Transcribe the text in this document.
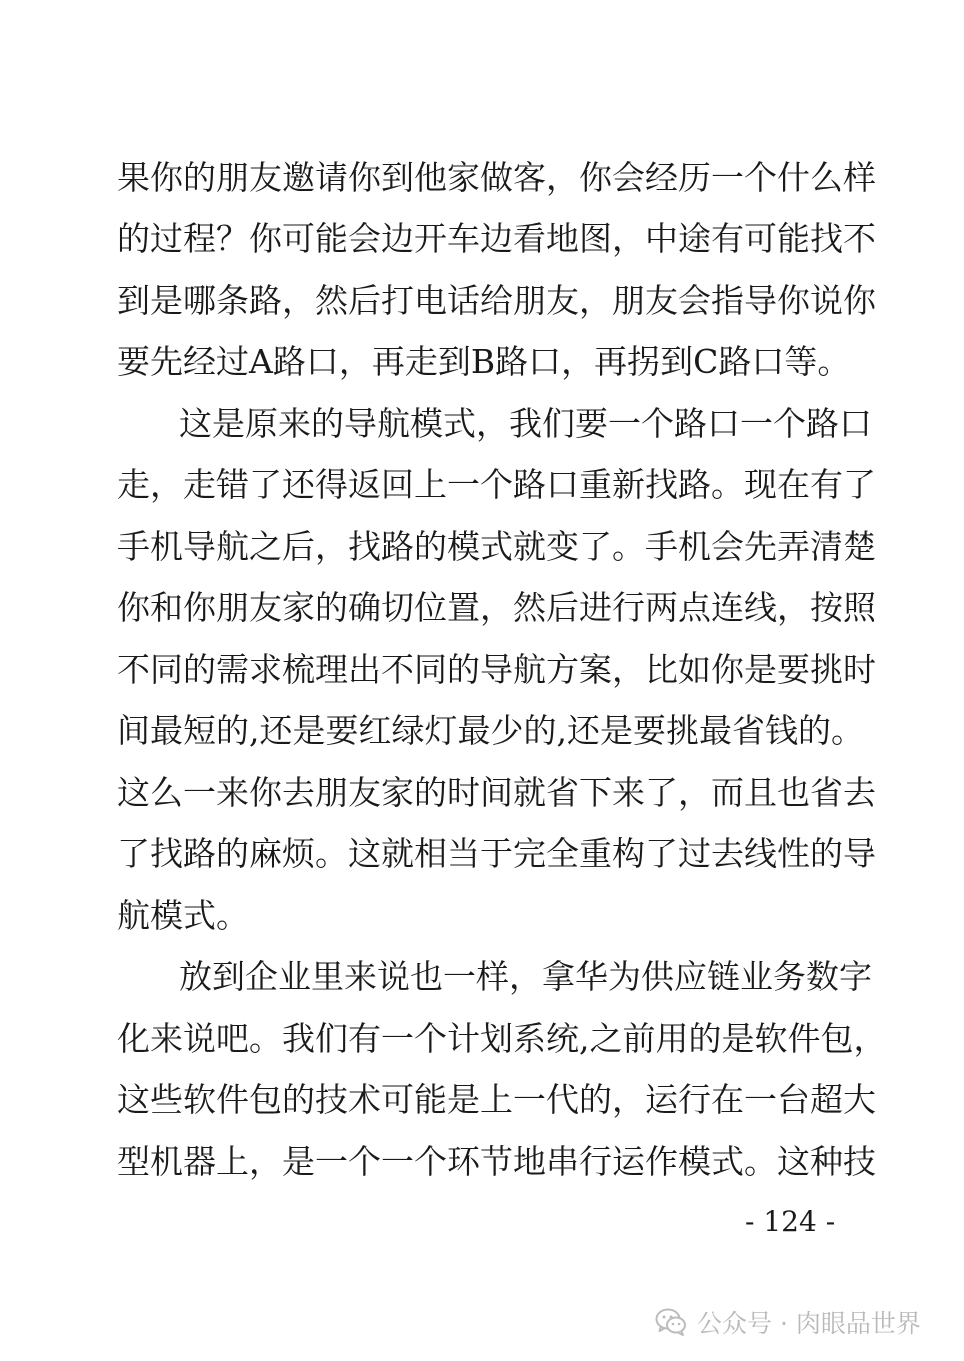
果你的朋友邀请你到他家做客，你会经历一个什么样
的过程？你可能会边开车边看地图，中途有可能找不
到是哪条路，然后打电话给朋友，朋友会指导你说你
要先经过A路口，再走到B路口，再拐到C路口等。
这是原来的导航模式，我们要一个路口一个路口
走，走错了还得返回上一个路口重新找路。现在有了
手机导航之后，找路的模式就变了。手机会先弄清楚
你和你朋友家的确切位置，然后进行两点连线，按照
不同的需求梳理出不同的导航方案，比如你是要挑时
间最短的,还是要红绿灯最少的,还是要挑最省钱的。
这么一来你去朋友家的时间就省下来了，而且也省去
了找路的麻烦。这就相当于完全重构了过去线性的导
航模式。
放到企业里来说也一样，拿华为供应链业务数字
化来说吧。我们有一个计划系统,之前用的是软件包，
这些软件包的技术可能是上一代的，运行在一台超大
型机器上，是一个一个环节地串行运作模式。这种技
- 124 -
公众号 · 肉眼品世界
